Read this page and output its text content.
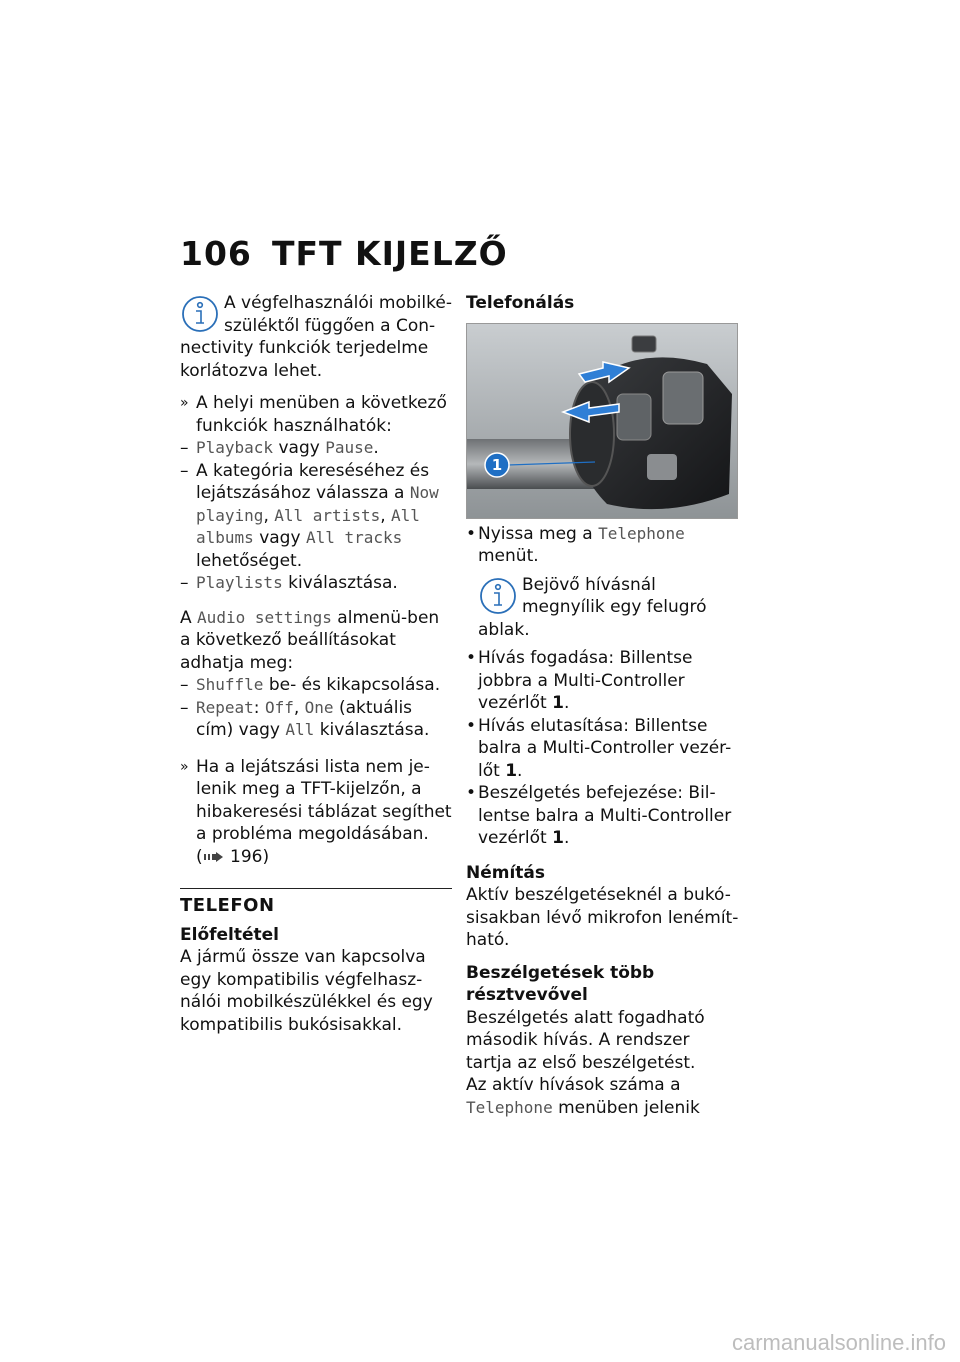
106 TFT KIJELZŐ
A végfelhasználói mobilké-szüléktől függően a Con-nectivity funkciók terjedelme korlátozva lehet.
» A helyi menüben a következő funkciók használhatók:
– Playback vagy Pause.
– A kategória kereséséhez és lejátszásához válassza a Now playing, All artists, All albums vagy All tracks lehetőséget.
– Playlists kiválasztása.

A Audio settings almenü-ben a következő beállításokat adhatja meg:

– Shuffle be- és kikapcsolása.
– Repeat: Off, One (aktuális cím) vagy All kiválasztása.
» Ha a lejátszási lista nem je-lenik meg a TFT-kijelzőn, a hibakeresési táblázat segíthet a probléma megoldásában. (
196 )
TELEFON
Előfeltétel

A jármű össze van kapcsolva egy kompatibilis végfelhasz-nálói mobilkészülékkel és egy kompatibilis bukósisakkal.

Telefonálás
1
• Nyissa meg a Telephone menüt.
Bejövő hívásnál megnyílik egy felugró ablak.
• Hívás fogadása: Billentse jobbra a Multi-Controller vezérlőt 1.
• Hívás elutasítása: Billentse balra a Multi-Controller vezér-lőt 1.
• Beszélgetés befejezése: Bil-lentse balra a Multi-Controller vezérlőt 1.
Némítás

Aktív beszélgetéseknél a bukó-sisakban lévő mikrofon lenémít-ható.

Beszélgetések több résztvevővel

Beszélgetés alatt fogadható második hívás. A rendszer tartja az első beszélgetést.

Az aktív hívások száma a Telephone menüben jelenik

carmanualsonline.info
